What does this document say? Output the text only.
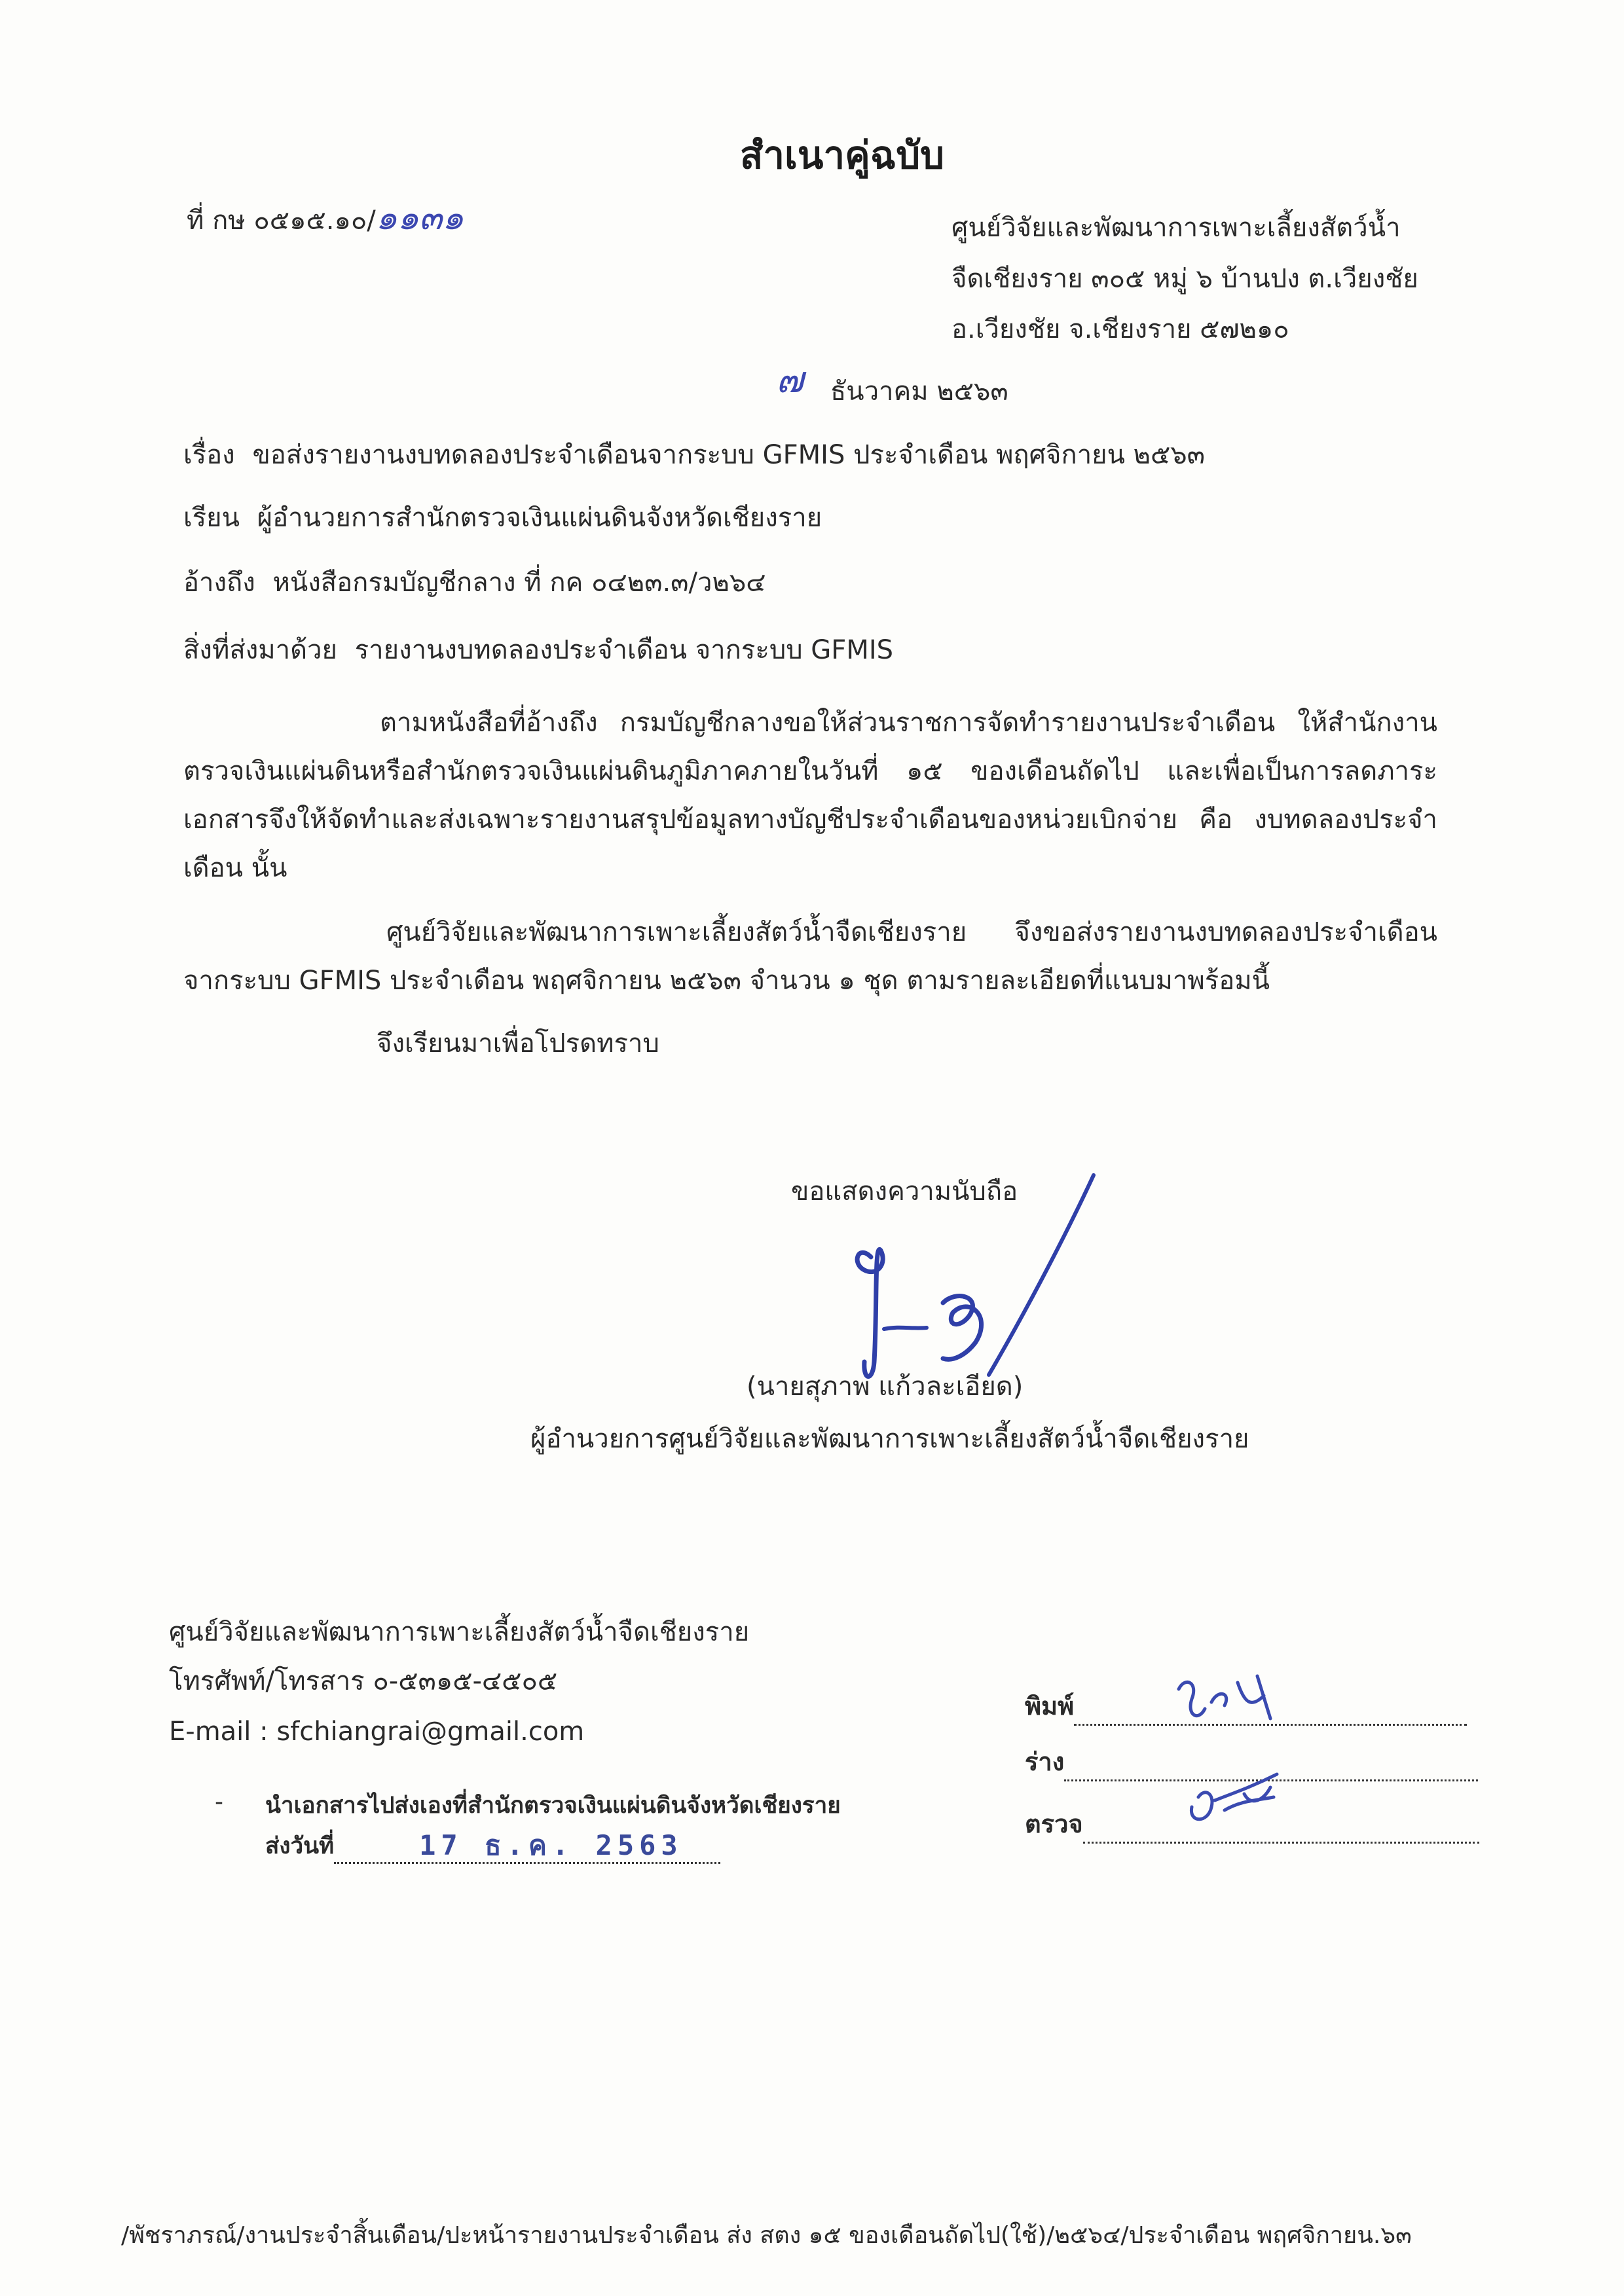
สำเนาคู่ฉบับ
ที่ กษ ๐๕๑๕.๑๐/๑๑๓๑	ศูนย์วิจัยและพัฒนาการเพาะเลี้ยงสัตว์น้ำ
จืดเชียงราย ๓๐๕ หมู่ ๖ บ้านปง ต.เวียงชัย
อ.เวียงชัย จ.เชียงราย ๕๗๒๑๐
๗ ธันวาคม ๒๕๖๓
เรื่อง ขอส่งรายงานงบทดลองประจำเดือนจากระบบ GFMIS ประจำเดือน พฤศจิกายน ๒๕๖๓
เรียน ผู้อำนวยการสำนักตรวจเงินแผ่นดินจังหวัดเชียงราย
อ้างถึง หนังสือกรมบัญชีกลาง ที่ กค ๐๔๒๓.๓/ว๒๖๔
สิ่งที่ส่งมาด้วย รายงานงบทดลองประจำเดือน จากระบบ GFMIS
ตามหนังสือที่อ้างถึง กรมบัญชีกลางขอให้ส่วนราชการจัดทำรายงานประจำเดือน ให้สำนักงานตรวจเงินแผ่นดินหรือสำนักตรวจเงินแผ่นดินภูมิภาคภายในวันที่ ๑๕ ของเดือนถัดไป และเพื่อเป็นการลดภาระเอกสารจึงให้จัดทำและส่งเฉพาะรายงานสรุปข้อมูลทางบัญชีประจำเดือนของหน่วยเบิกจ่าย คือ งบทดลองประจำเดือน นั้น
ศูนย์วิจัยและพัฒนาการเพาะเลี้ยงสัตว์น้ำจืดเชียงราย จึงขอส่งรายงานงบทดลองประจำเดือนจากระบบ GFMIS ประจำเดือน พฤศจิกายน ๒๕๖๓ จำนวน ๑ ชุด ตามรายละเอียดที่แนบมาพร้อมนี้
จึงเรียนมาเพื่อโปรดทราบ
ขอแสดงความนับถือ
(นายสุภาพ แก้วละเอียด)
ผู้อำนวยการศูนย์วิจัยและพัฒนาการเพาะเลี้ยงสัตว์น้ำจืดเชียงราย
ศูนย์วิจัยและพัฒนาการเพาะเลี้ยงสัตว์น้ำจืดเชียงราย
โทรศัพท์/โทรสาร ๐-๕๓๑๕-๔๕๐๕
E-mail : sfchiangrai@gmail.com
- นำเอกสารไปส่งเองที่สำนักตรวจเงินแผ่นดินจังหวัดเชียงราย
ส่งวันที่	17 ธ.ค. 2563
พิมพ์
ร่าง
ตรวจ
/พัชราภรณ์/งานประจำสิ้นเดือน/ปะหน้ารายงานประจำเดือน ส่ง สตง ๑๕ ของเดือนถัดไป(ใช้)/๒๕๖๔/ประจำเดือน พฤศจิกายน.๖๓
